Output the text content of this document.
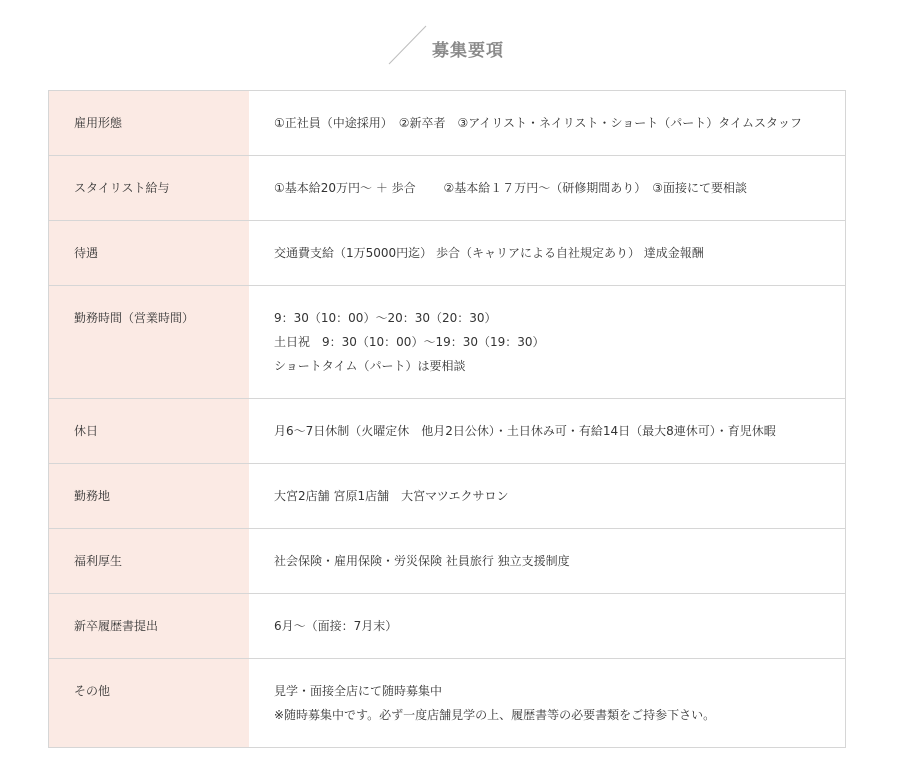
募集要項
雇用形態	①正社員（中途採用）　②新卒者　③アイリスト・ネイリスト・ショート（パート）タイムスタッフ
スタイリスト給与	①基本給20万円～ ＋ 歩合　　 ②基本給１７万円～（研修期間あり）　③面接にて要相談
待遇	交通費支給（1万5000円迄） 歩合（キャリアによる自社規定あり） 達成金報酬
勤務時間（営業時間）	9：30（10：00）～20：30（20：30）
土日祝　9：30（10：00）～19：30（19：30）
ショートタイム（パート）は要相談
休日	月6～7日休制（火曜定休　他月2日公休）・土日休み可・有給14日（最大8連休可）・育児休暇
勤務地	大宮2店舗 宮原1店舗　大宮マツエクサロン
福利厚生	社会保険・雇用保険・労災保険 社員旅行 独立支援制度
新卒履歴書提出	6月～（面接：7月末）
その他	見学・面接全店にて随時募集中
※随時募集中です。必ず一度店舗見学の上、履歴書等の必要書類をご持参下さい。
